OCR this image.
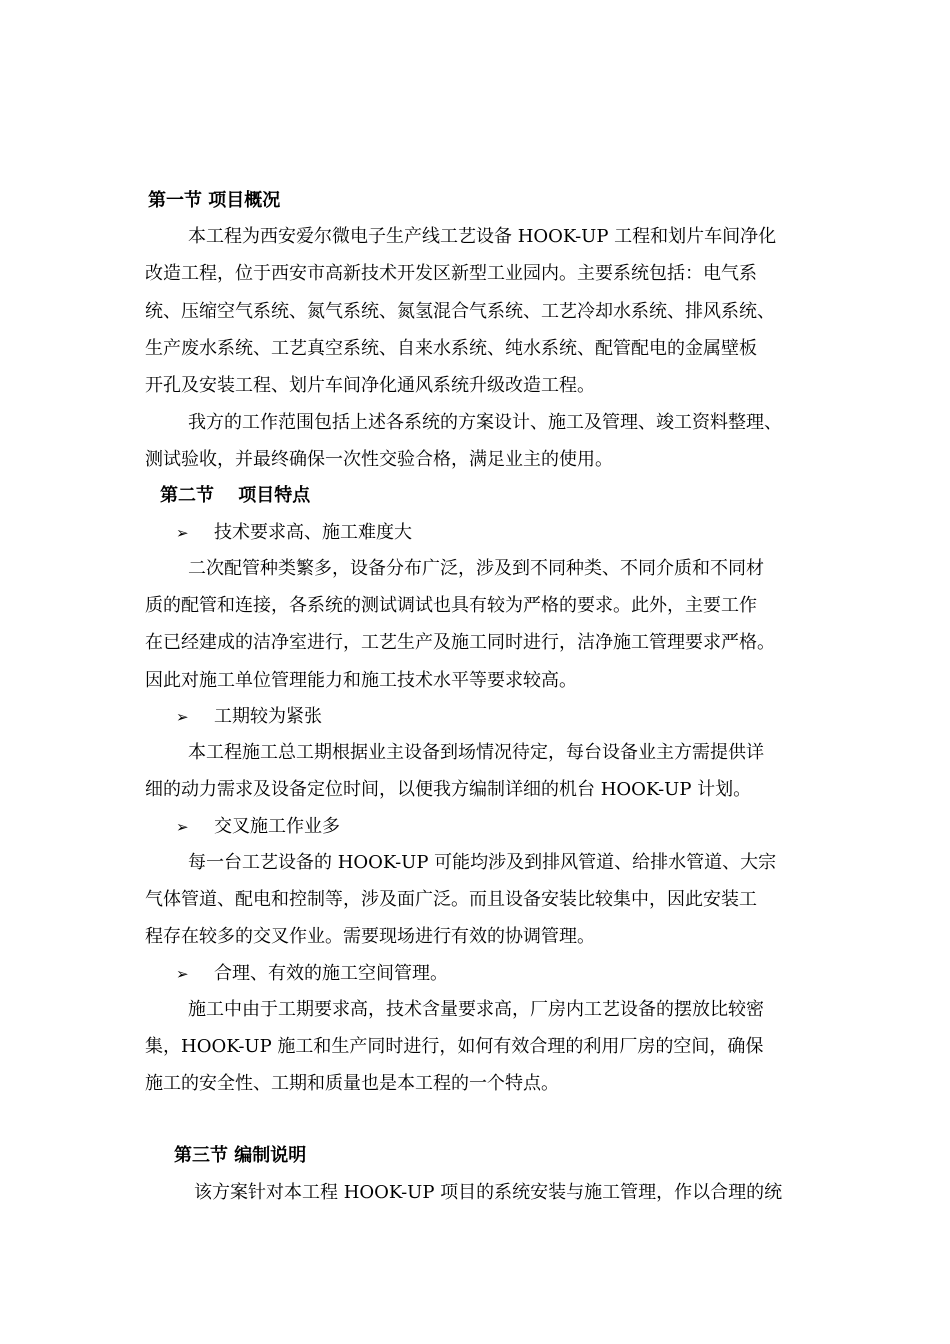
第一节 项目概况
本工程为西安爱尔微电子生产线工艺设备 HOOK-UP 工程和划片车间净化
改造工程，位于西安市高新技术开发区新型工业园内。主要系统包括：电气系
统、压缩空气系统、氮气系统、氮氢混合气系统、工艺冷却水系统、排风系统、
生产废水系统、工艺真空系统、自来水系统、纯水系统、配管配电的金属壁板
开孔及安装工程、划片车间净化通风系统升级改造工程。
我方的工作范围包括上述各系统的方案设计、施工及管理、竣工资料整理、
测试验收，并最终确保一次性交验合格，满足业主的使用。
第二节　 项目特点
➢ 技术要求高、施工难度大
二次配管种类繁多，设备分布广泛，涉及到不同种类、不同介质和不同材
质的配管和连接，各系统的测试调试也具有较为严格的要求。此外，主要工作
在已经建成的洁净室进行，工艺生产及施工同时进行，洁净施工管理要求严格。
因此对施工单位管理能力和施工技术水平等要求较高。
➢ 工期较为紧张
本工程施工总工期根据业主设备到场情况待定，每台设备业主方需提供详
细的动力需求及设备定位时间，以便我方编制详细的机台 HOOK-UP 计划。
➢ 交叉施工作业多
每一台工艺设备的 HOOK-UP 可能均涉及到排风管道、给排水管道、大宗
气体管道、配电和控制等，涉及面广泛。而且设备安装比较集中，因此安装工
程存在较多的交叉作业。需要现场进行有效的协调管理。
➢ 合理、有效的施工空间管理。
施工中由于工期要求高，技术含量要求高，厂房内工艺设备的摆放比较密
集，HOOK-UP 施工和生产同时进行，如何有效合理的利用厂房的空间，确保
施工的安全性、工期和质量也是本工程的一个特点。
第三节 编制说明
该方案针对本工程 HOOK-UP 项目的系统安装与施工管理，作以合理的统
